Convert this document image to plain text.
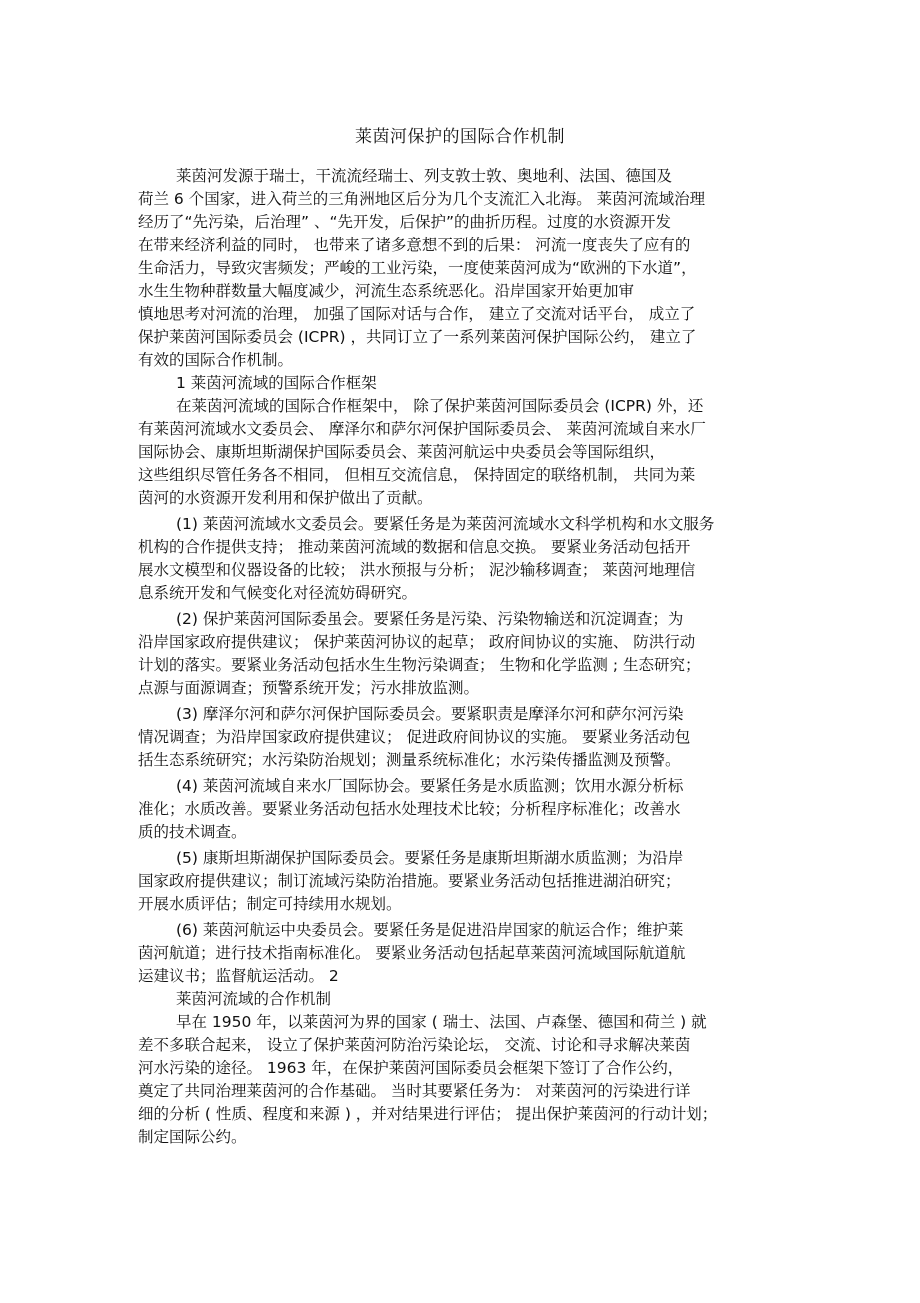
莱茵河保护的国际合作机制
莱茵河发源于瑞士，干流流经瑞士、列支敦士敦、奥地利、法国、德国及
荷兰 6 个国家，进入荷兰的三角洲地区后分为几个支流汇入北海。 莱茵河流域治理
经历了“先污染，后治理” 、“先开发，后保护”的曲折历程。过度的水资源开发
在带来经济利益的同时， 也带来了诸多意想不到的后果： 河流一度丧失了应有的
生命活力，导致灾害频发；严峻的工业污染，一度使莱茵河成为“欧洲的下水道”，
水生生物种群数量大幅度减少，河流生态系统恶化。沿岸国家开始更加审
慎地思考对河流的治理， 加强了国际对话与合作， 建立了交流对话平台， 成立了
保护莱茵河国际委员会 (ICPR) ，共同订立了一系列莱茵河保护国际公约， 建立了
有效的国际合作机制。
1 莱茵河流域的国际合作框架
在莱茵河流域的国际合作框架中， 除了保护莱茵河国际委员会 (ICPR) 外，还
有莱茵河流域水文委员会、 摩泽尔和萨尔河保护国际委员会、 莱茵河流域自来水厂
国际协会、康斯坦斯湖保护国际委员会、莱茵河航运中央委员会等国际组织，
这些组织尽管任务各不相同， 但相互交流信息， 保持固定的联络机制， 共同为莱
茵河的水资源开发利用和保护做出了贡献。
(1) 莱茵河流域水文委员会。要紧任务是为莱茵河流域水文科学机构和水文服务
机构的合作提供支持； 推动莱茵河流域的数据和信息交换。 要紧业务活动包括开
展水文模型和仪器设备的比较； 洪水预报与分析； 泥沙输移调查； 莱茵河地理信
息系统开发和气候变化对径流妨碍研究。
(2) 保护莱茵河国际委虽会。要紧任务是污染、污染物输送和沉淀调查；为
沿岸国家政府提供建议； 保护莱茵河协议的起草； 政府间协议的实施、 防洪行动
计划的落实。要紧业务活动包括水生生物污染调查； 生物和化学监测 ; 生态研究；
点源与面源调查；预警系统开发；污水排放监测。
(3) 摩泽尔河和萨尔河保护国际委员会。要紧职责是摩泽尔河和萨尔河污染
情况调查；为沿岸国家政府提供建议； 促进政府间协议的实施。 要紧业务活动包
括生态系统研究；水污染防治规划；测量系统标准化；水污染传播监测及预警。
(4) 莱茵河流域自来水厂国际协会。要紧任务是水质监测；饮用水源分析标
准化；水质改善。要紧业务活动包括水处理技术比较；分析程序标准化；改善水
质的技术调查。
(5) 康斯坦斯湖保护国际委员会。要紧任务是康斯坦斯湖水质监测；为沿岸
国家政府提供建议；制订流域污染防治措施。要紧业务活动包括推进湖泊研究；
开展水质评估；制定可持续用水规划。
(6) 莱茵河航运中央委员会。要紧任务是促进沿岸国家的航运合作；维护莱
茵河航道；进行技术指南标准化。 要紧业务活动包括起草莱茵河流域国际航道航
运建议书；监督航运活动。 2
莱茵河流域的合作机制
早在 1950 年，以莱茵河为界的国家 ( 瑞士、法国、卢森堡、德国和荷兰 ) 就
差不多联合起来， 设立了保护莱茵河防治污染论坛， 交流、讨论和寻求解决莱茵
河水污染的途径。 1963 年，在保护莱茵河国际委员会框架下签订了合作公约，
奠定了共同治理莱茵河的合作基础。 当时其要紧任务为： 对莱茵河的污染进行详
细的分析 ( 性质、程度和来源 ) ，并对结果进行评估； 提出保护莱茵河的行动计划；
制定国际公约。
